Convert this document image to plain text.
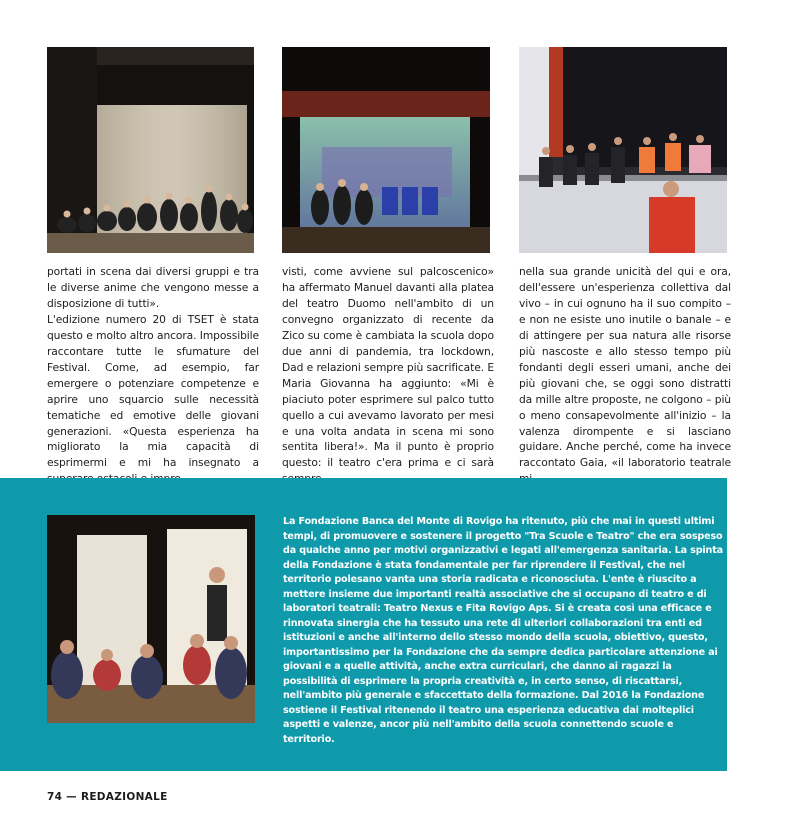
portati in scena dai diversi gruppi e tra le diverse anime che vengono messe a disposizione di tutti».
L'edizione numero 20 di TSET è stata questo e molto altro ancora. Impossibile raccontare tutte le sfumature del Festival. Come, ad esempio, far emergere o potenziare competenze e aprire uno squarcio sulle necessità tematiche ed emotive delle giovani generazioni. «Questa esperienza ha migliorato la mia capacità di esprimermi e mi ha insegnato a

visti, come avviene sul palcoscenico» ha affermato Manuel davanti alla platea del teatro Duomo nell'ambito di un convegno organizzato di recente da Zico su come è cambiata la scuola dopo due anni di pandemia, tra lockdown, Dad e relazioni sempre più sacrificate. E Maria Giovanna ha aggiunto: «Mi è piaciuto poter esprimere sul palco tutto quello a cui avevamo lavorato per mesi e una volta andata in scena mi sono sentita libera!». Ma il punto è proprio questo: il teatro c'era prima e ci sarà

nella sua grande unicità del qui e ora, dell'essere un'esperienza collettiva dal vivo – in cui ognuno ha il suo compito – e non ne esiste uno inutile o banale – e di attingere per sua natura alle risorse più nascoste e allo stesso tempo più fondanti degli esseri umani, anche dei più giovani che, se oggi sono distratti da mille altre proposte, ne colgono – più o meno consapevolmente all'inizio – la valenza dirompente e si lasciano guidare. Anche perché, come ha invece raccontato Gaia, «il laboratorio teatrale

La Fondazione Banca del Monte di Rovigo ha ritenuto, più che mai in questi ultimi tempi, di promuovere e sostenere il progetto "Tra Scuole e Teatro" che era sospeso da qualche anno per motivi organizzativi e legati all'emergenza sanitaria. La spinta della Fondazione è stata fondamentale per far riprendere il Festival, che nel territorio polesano vanta una storia radicata e riconosciuta. L'ente è riuscito a mettere insieme due importanti realtà associative che si occupano di teatro e di laboratori teatrali: Teatro Nexus e Fita Rovigo Aps. Si è creata così una efficace e rinnovata sinergia che ha tessuto una rete di ulteriori collaborazioni tra enti ed istituzioni e anche all'interno dello stesso mondo della scuola, obiettivo, questo, importantissimo per la Fondazione che da sempre dedica particolare attenzione ai giovani e a quelle attività, anche extra curriculari, che danno ai ragazzi la possibilità di esprimere la propria creatività e, in certo senso, di riscattarsi, nell'ambito più generale e sfaccettato della formazione. Dal 2016 la Fondazione sostiene il Festival ritenendo il teatro una esperienza educativa dai molteplici aspetti e valenze, ancor più nell'ambito della scuola connettendo scuole e territorio.

74 — REDAZIONALE
